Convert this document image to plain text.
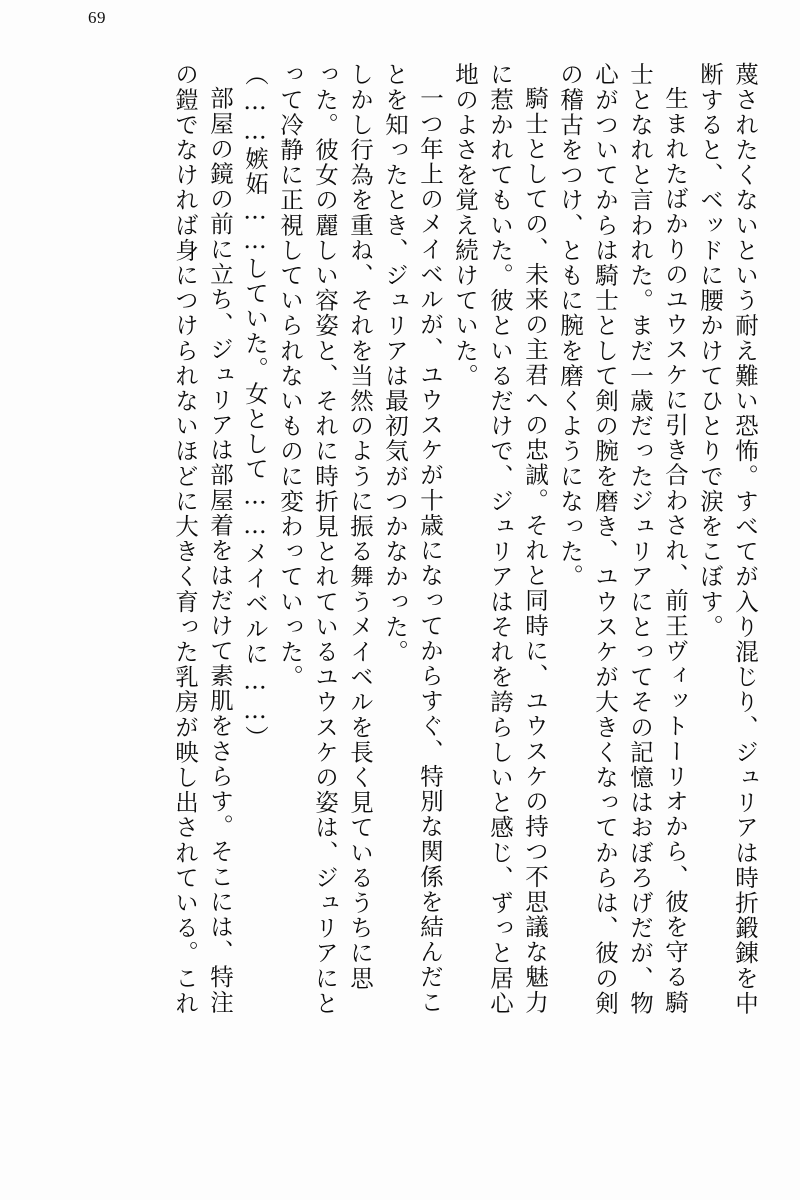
69
蔑されたくないという耐え難い恐怖。すべてが入り混じり、ジュリアは時折鍛錬を中
断すると、ベッドに腰かけてひとりで涙をこぼす。
生まれたばかりのユウスケに引き合わされ、前王ヴィットーリオから、彼を守る騎
士となれと言われた。まだ一歳だったジュリアにとってその記憶はおぼろげだが、物
心がついてからは騎士として剣の腕を磨き、ユウスケが大きくなってからは、彼の剣
の稽古をつけ、ともに腕を磨くようになった。
騎士としての、未来の主君への忠誠。それと同時に、ユウスケの持つ不思議な魅力
に惹かれてもいた。彼といるだけで、ジュリアはそれを誇らしいと感じ、ずっと居心
地のよさを覚え続けていた。
一つ年上のメイベルが、ユウスケが十歳になってからすぐ、特別な関係を結んだこ
とを知ったとき、ジュリアは最初気がつかなかった。
しかし行為を重ね、それを当然のように振る舞うメイベルを長く見ているうちに思
った。彼女の麗しい容姿と、それに時折見とれているユウスケの姿は、ジュリアにと
って冷静に正視していられないものに変わっていった。
（……嫉妬……していた。女として……メイベルに……）
部屋の鏡の前に立ち、ジュリアは部屋着をはだけて素肌をさらす。そこには、特注
の鎧でなければ身につけられないほどに大きく育った乳房が映し出されている。これ
